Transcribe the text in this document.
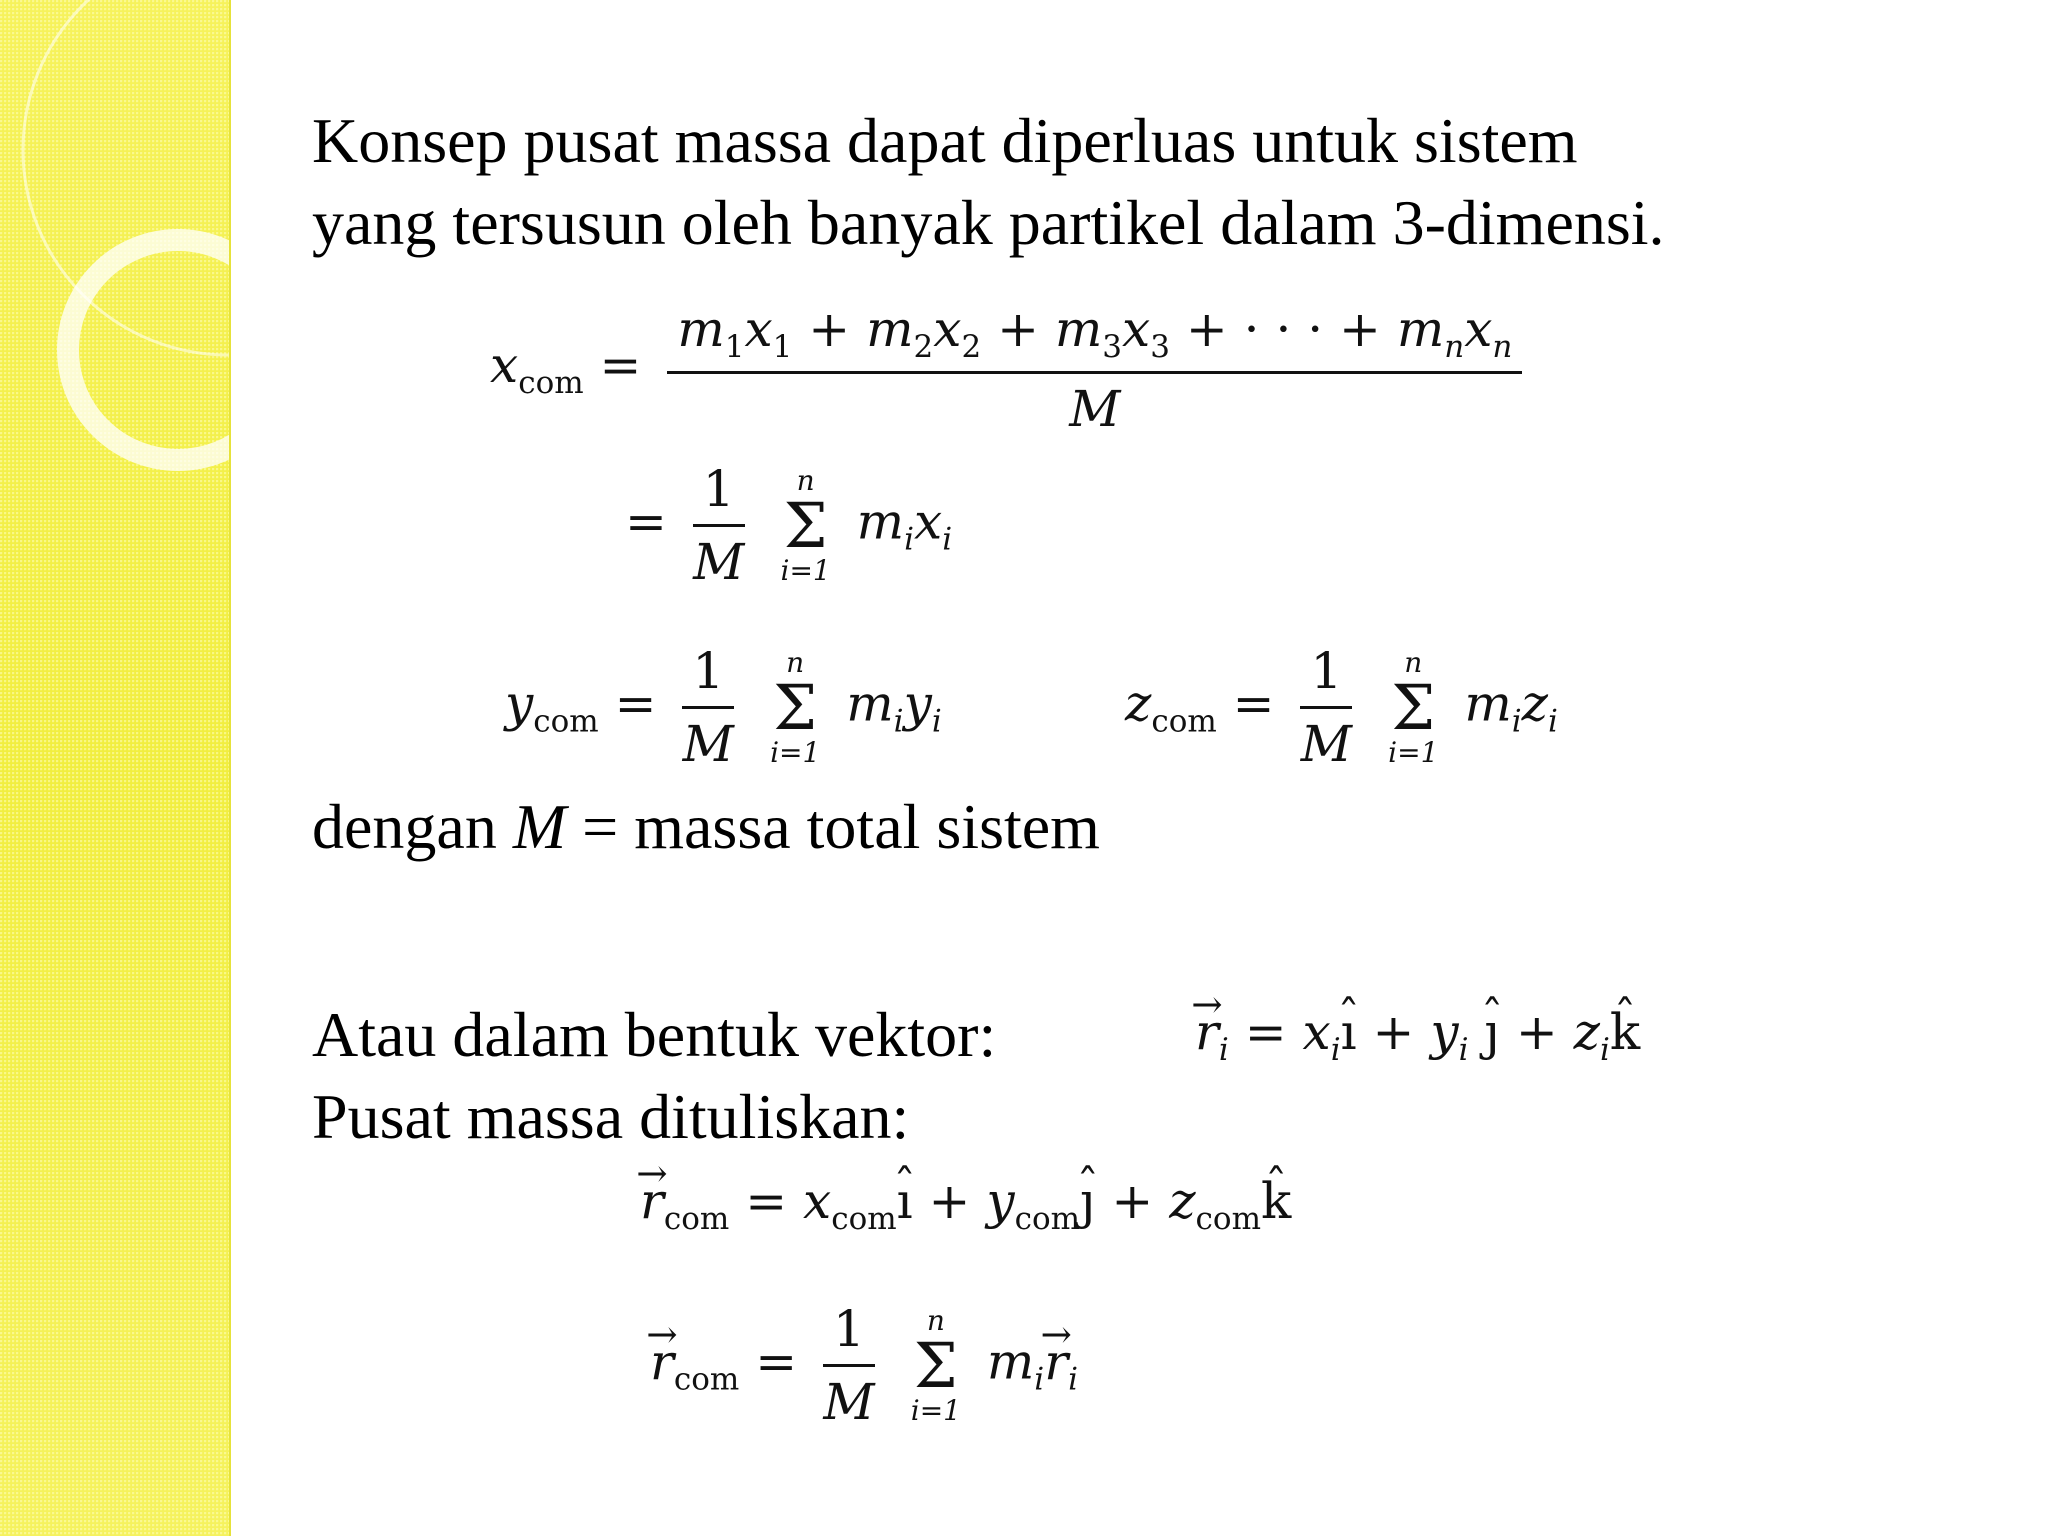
Konsep pusat massa dapat diperluas untuk sistem
yang tersusun oleh banyak partikel dalam 3-dimensi.
$x_{com} = \frac{m_1x_1 + m_2x_2 + m_3x_3 + \cdot \cdot \cdot + m_nx_n}{M}$
= $\frac{1}{M}$
n
Σ
i=1
$m_ix_i$
$y_{com} = \frac{1}{M}$
n
Σ
i=1
$m_iy_i$	$z_{com} = \frac{1}{M}$
n
Σ
i=1
$m_iz_i$
dengan M = massa total sistem
Atau dalam bentuk vektor:	→ $r_i$ = $x_iˆ$ ı + $y_i$ ˆ ȷ + $z_iˆ$ k
Pusat massa dituliskan:
→ $r_{com}$ = $x_{com}ˆ$ ı + $y_{com}ˆ$ ȷ + $z_{com}ˆ$ k
→ $r_{com} = \frac{1}{M}$
n
Σ
i=1
$m_i\to r_i$
